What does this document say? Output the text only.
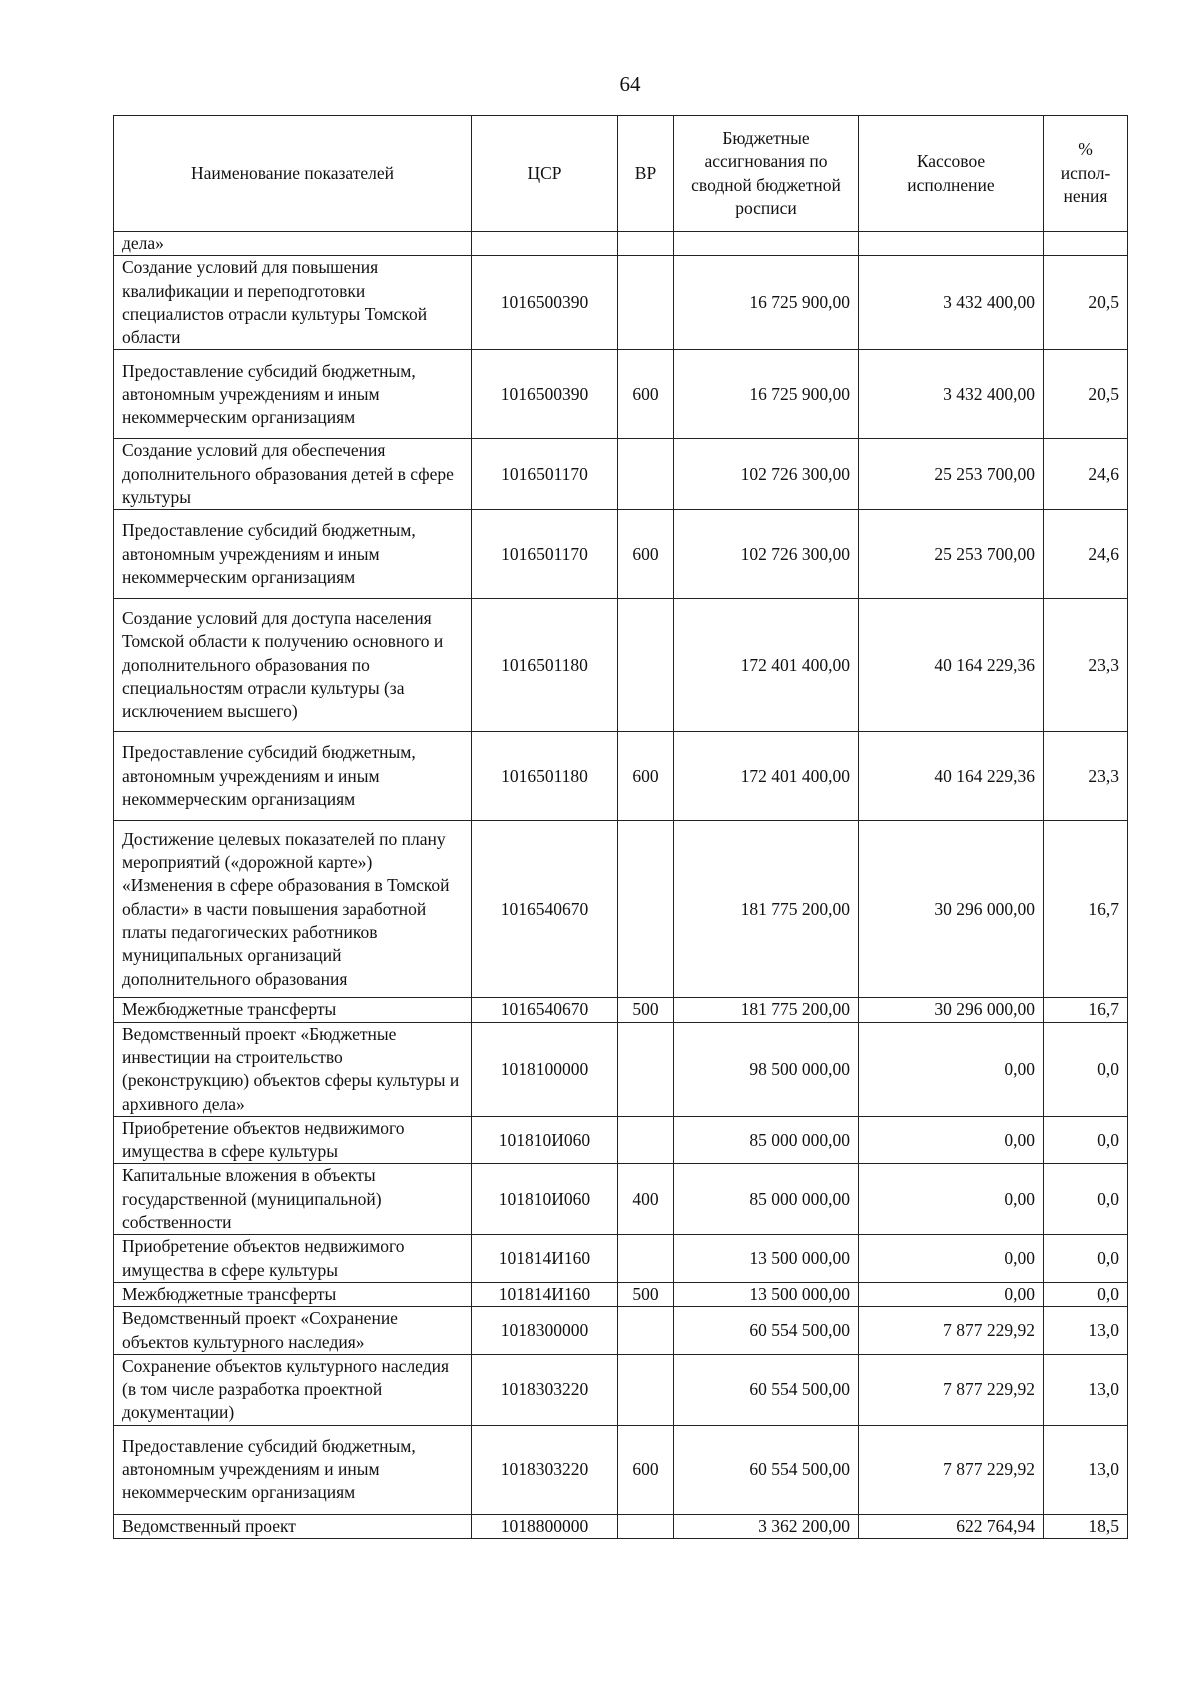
64
Наименование показателей	ЦСР	ВР	Бюджетные ассигнования по сводной бюджетной росписи	Кассовое исполнение	% испол-нения
дела»					
Создание условий для повышения квалификации и переподготовки специалистов отрасли культуры Томской области	1016500390		16 725 900,00	3 432 400,00	20,5
Предоставление субсидий бюджетным, автономным учреждениям и иным некоммерческим организациям	1016500390	600	16 725 900,00	3 432 400,00	20,5
Создание условий для обеспечения дополнительного образования детей в сфере культуры	1016501170		102 726 300,00	25 253 700,00	24,6
Предоставление субсидий бюджетным, автономным учреждениям и иным некоммерческим организациям	1016501170	600	102 726 300,00	25 253 700,00	24,6
Создание условий для доступа населения Томской области к получению основного и дополнительного образования по специальностям отрасли культуры (за исключением высшего)	1016501180		172 401 400,00	40 164 229,36	23,3
Предоставление субсидий бюджетным, автономным учреждениям и иным некоммерческим организациям	1016501180	600	172 401 400,00	40 164 229,36	23,3
Достижение целевых показателей по плану мероприятий («дорожной карте») «Изменения в сфере образования в Томской области» в части повышения заработной платы педагогических работников муниципальных организаций дополнительного образования	1016540670		181 775 200,00	30 296 000,00	16,7
Межбюджетные трансферты	1016540670	500	181 775 200,00	30 296 000,00	16,7
Ведомственный проект «Бюджетные инвестиции на строительство (реконструкцию) объектов сферы культуры и архивного дела»	1018100000		98 500 000,00	0,00	0,0
Приобретение объектов недвижимого имущества в сфере культуры	101810И060		85 000 000,00	0,00	0,0
Капитальные вложения в объекты государственной (муниципальной) собственности	101810И060	400	85 000 000,00	0,00	0,0
Приобретение объектов недвижимого имущества в сфере культуры	101814И160		13 500 000,00	0,00	0,0
Межбюджетные трансферты	101814И160	500	13 500 000,00	0,00	0,0
Ведомственный проект «Сохранение объектов культурного наследия»	1018300000		60 554 500,00	7 877 229,92	13,0
Сохранение объектов культурного наследия (в том числе разработка проектной документации)	1018303220		60 554 500,00	7 877 229,92	13,0
Предоставление субсидий бюджетным, автономным учреждениям и иным некоммерческим организациям	1018303220	600	60 554 500,00	7 877 229,92	13,0
Ведомственный проект	1018800000		3 362 200,00	622 764,94	18,5
